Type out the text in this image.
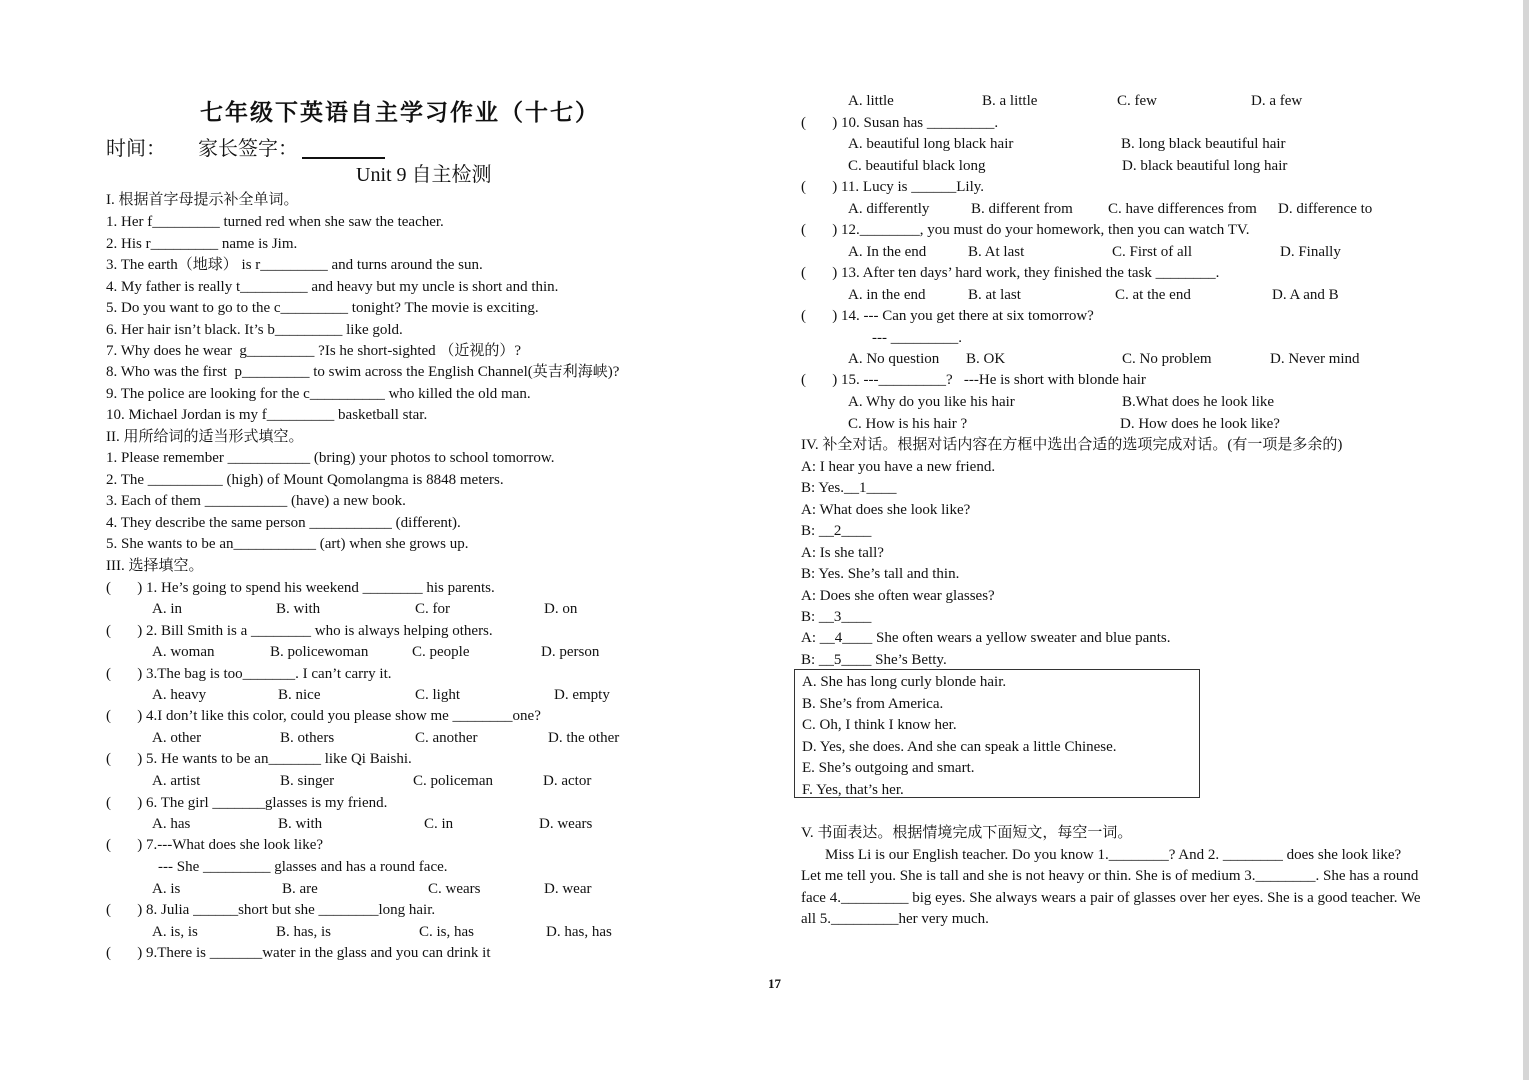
七年级下英语自主学习作业（十七）
时间： 家长签字：
Unit 9 自主检测
I. 根据首字母提示补全单词。
1. Her f_________ turned red when she saw the teacher.
2. His r_________ name is Jim.
3. The earth（地球） is r_________ and turns around the sun.
4. My father is really t_________ and heavy but my uncle is short and thin.
5. Do you want to go to the c_________ tonight? The movie is exciting.
6. Her hair isn’t black. It’s b_________ like gold.
7. Why does he wear  g_________ ?Is he short-sighted （近视的）?
8. Who was the first  p_________ to swim across the English Channel(英吉利海峡)?
9. The police are looking for the c__________ who killed the old man.
10. Michael Jordan is my f_________ basketball star.
II. 用所给词的适当形式填空。
1. Please remember ___________ (bring) your photos to school tomorrow.
2. The __________ (high) of Mount Qomolangma is 8848 meters.
3. Each of them ___________ (have) a new book.
4. They describe the same person ___________ (different).
5. She wants to be an___________ (art) when she grows up.
III. 选择填空。
(       ) 1. He’s going to spend his weekend ________ his parents.
A. in	B. with	C. for	D. on
(       ) 2. Bill Smith is a ________ who is always helping others.
A. woman	B. policewoman	C. people	D. person
(       ) 3.The bag is too_______. I can’t carry it.
A. heavy	B. nice	C. light	D. empty
(       ) 4.I don’t like this color, could you please show me ________one?
A. other	B. others	C. another	D. the other
(       ) 5. He wants to be an_______ like Qi Baishi.
A. artist	B. singer	C. policeman	D. actor
(       ) 6. The girl _______glasses is my friend.
A. has	B. with	C. in	D. wears
(       ) 7.---What does she look like?
--- She _________ glasses and has a round face.
A. is	B. are	C. wears	D. wear
(       ) 8. Julia ______short but she ________long hair.
A. is, is	B. has, is	C. is, has	D. has, has
(       ) 9.There is _______water in the glass and you can drink it
A. little	B. a little	C. few	D. a few
(       ) 10. Susan has _________.
A. beautiful long black hair	B. long black beautiful hair
C. beautiful black long	D. black beautiful long hair
(       ) 11. Lucy is ______Lily.
A. differently	B. different from C. have differences from D. difference to
(       ) 12.________, you must do your homework, then you can watch TV.
A. In the end	B. At last	C. First of all	D. Finally
(       ) 13. After ten days’ hard work, they finished the task ________.
A. in the end	B. at last	C. at the end	D. A and B
(       ) 14. --- Can you get there at six tomorrow?
--- _________.
A. No question B. OK	C. No problem	D. Never mind
(       ) 15. ---_________?   ---He is short with blonde hair
A. Why do you like his hair	B.What does he look like
C. How is his hair ?	D. How does he look like?
IV. 补全对话。根据对话内容在方框中选出合适的选项完成对话。(有一项是多余的)
A: I hear you have a new friend.
B: Yes.__1____
A: What does she look like?
B: __2____
A: Is she tall?
B: Yes. She’s tall and thin.
A: Does she often wear glasses?
B: __3____
A: __4____ She often wears a yellow sweater and blue pants.
B: __5____ She’s Betty.
A. She has long curly blonde hair.
B. She’s from America.
C. Oh, I think I know her.
D. Yes, she does. And she can speak a little Chinese.
E. She’s outgoing and smart.
F. Yes, that’s her.
V. 书面表达。根据情境完成下面短文，每空一词。
Miss Li is our English teacher. Do you know 1.________? And 2. ________ does she look like?
Let me tell you. She is tall and she is not heavy or thin. She is of medium 3.________. She has a round
face 4._________ big eyes. She always wears a pair of glasses over her eyes. She is a good teacher. We
all 5._________her very much.
17
